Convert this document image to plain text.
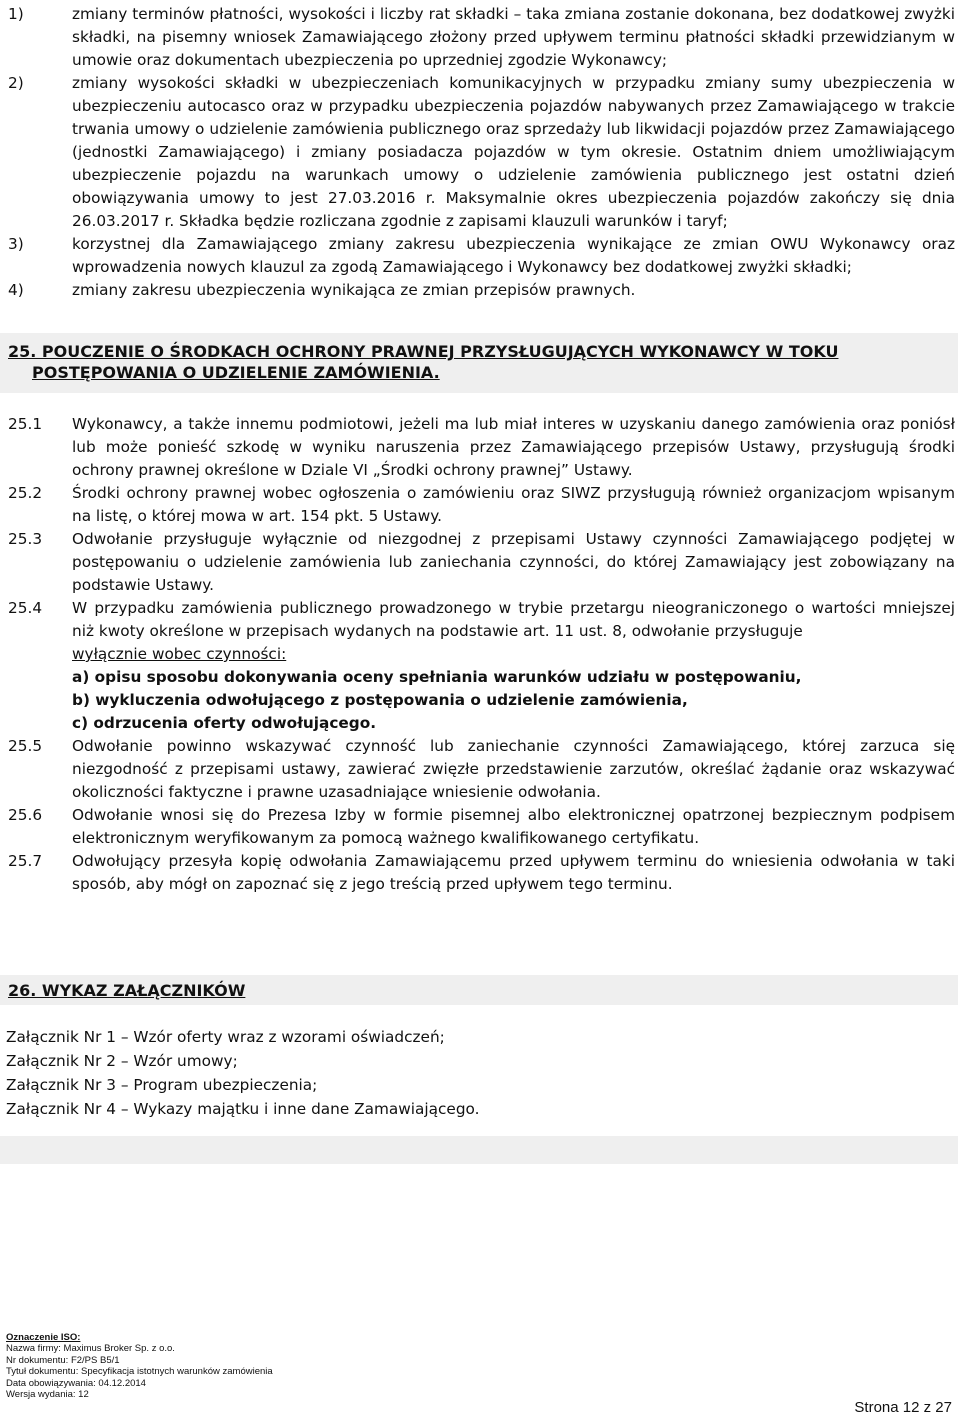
1)	zmiany terminów płatności, wysokości i liczby rat składki – taka zmiana zostanie dokonana, bez dodatkowej zwyżki składki, na pisemny wniosek Zamawiającego złożony przed upływem terminu płatności składki przewidzianym w umowie oraz dokumentach ubezpieczenia po uprzedniej zgodzie Wykonawcy;

2)	zmiany wysokości składki w ubezpieczeniach komunikacyjnych w przypadku zmiany sumy ubezpieczenia w ubezpieczeniu autocasco oraz w przypadku ubezpieczenia pojazdów nabywanych przez Zamawiającego w trakcie trwania umowy o udzielenie zamówienia publicznego oraz sprzedaży lub likwidacji pojazdów przez Zamawiającego (jednostki Zamawiającego) i zmiany posiadacza pojazdów w tym okresie. Ostatnim dniem umożliwiającym ubezpieczenie pojazdu na warunkach umowy o udzielenie zamówienia publicznego jest ostatni dzień obowiązywania umowy to jest 27.03.2016 r. Maksymalnie okres ubezpieczenia pojazdów zakończy się dnia 26.03.2017 r. Składka będzie rozliczana zgodnie z zapisami klauzuli warunków i taryf;

3)	korzystnej dla Zamawiającego zmiany zakresu ubezpieczenia wynikające ze zmian OWU Wykonawcy oraz wprowadzenia nowych klauzul za zgodą Zamawiającego i Wykonawcy bez dodatkowej zwyżki składki;

4)	zmiany zakresu ubezpieczenia wynikająca ze zmian przepisów prawnych.

25. POUCZENIE O ŚRODKACH OCHRONY PRAWNEJ PRZYSŁUGUJĄCYCH WYKONAWCY W TOKU
POSTĘPOWANIA O UDZIELENIE ZAMÓWIENIA.
25.1 Wykonawcy, a także innemu podmiotowi, jeżeli ma lub miał interes w uzyskaniu danego zamówienia oraz poniósł lub może ponieść szkodę w wyniku naruszenia przez Zamawiającego przepisów Ustawy, przysługują środki ochrony prawnej określone w Dziale VI „Środki ochrony prawnej” Ustawy.

25.2 Środki ochrony prawnej wobec ogłoszenia o zamówieniu oraz SIWZ przysługują również organizacjom wpisanym na listę, o której mowa w art. 154 pkt. 5 Ustawy.

25.3 Odwołanie przysługuje wyłącznie od niezgodnej z przepisami Ustawy czynności Zamawiającego podjętej w postępowaniu o udzielenie zamówienia lub zaniechania czynności, do której Zamawiający jest zobowiązany na podstawie Ustawy.

25.4 W przypadku zamówienia publicznego prowadzonego w trybie przetargu nieograniczonego o wartości mniejszej niż kwoty określone w przepisach wydanych na podstawie art. 11 ust. 8, odwołanie przysługuje
wyłącznie wobec czynności:

a) opisu sposobu dokonywania oceny spełniania warunków udziału w postępowaniu,
b) wykluczenia odwołującego z postępowania o udzielenie zamówienia,
c) odrzucenia oferty odwołującego.
25.5 Odwołanie powinno wskazywać czynność lub zaniechanie czynności Zamawiającego, której zarzuca się niezgodność z przepisami ustawy, zawierać zwięzłe przedstawienie zarzutów, określać żądanie oraz wskazywać okoliczności faktyczne i prawne uzasadniające wniesienie odwołania.

25.6 Odwołanie wnosi się do Prezesa Izby w formie pisemnej albo elektronicznej opatrzonej bezpiecznym podpisem elektronicznym weryfikowanym za pomocą ważnego kwalifikowanego certyfikatu.

25.7 Odwołujący przesyła kopię odwołania Zamawiającemu przed upływem terminu do wniesienia odwołania w taki sposób, aby mógł on zapoznać się z jego treścią przed upływem tego terminu.

26. WYKAZ ZAŁĄCZNIKÓW
Załącznik Nr 1 – Wzór oferty wraz z wzorami oświadczeń;
Załącznik Nr 2 – Wzór umowy;
Załącznik Nr 3 – Program ubezpieczenia;
Załącznik Nr 4 – Wykazy majątku i inne dane Zamawiającego.
Oznaczenie ISO:
Nazwa firmy: Maximus Broker Sp. z o.o.
Nr dokumentu: F2/PS B5/1
Tytuł dokumentu: Specyfikacja istotnych warunków zamówienia
Data obowiązywania: 04.12.2014
Wersja wydania: 12
Strona 12 z 27
